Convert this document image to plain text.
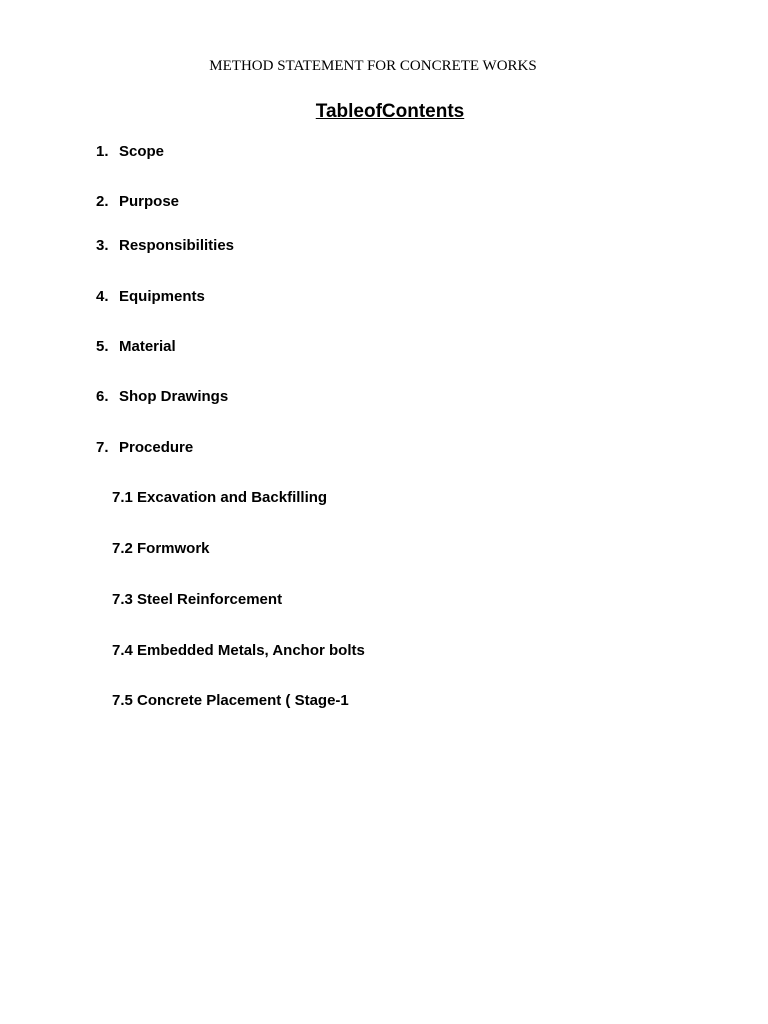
METHOD STATEMENT FOR CONCRETE WORKS
TableofContents
1. Scope
2. Purpose
3. Responsibilities
4. Equipments
5. Material
6. Shop Drawings
7. Procedure
7.1 Excavation and Backfilling
7.2 Formwork
7.3 Steel Reinforcement
7.4 Embedded Metals, Anchor bolts
7.5 Concrete Placement ( Stage-1
